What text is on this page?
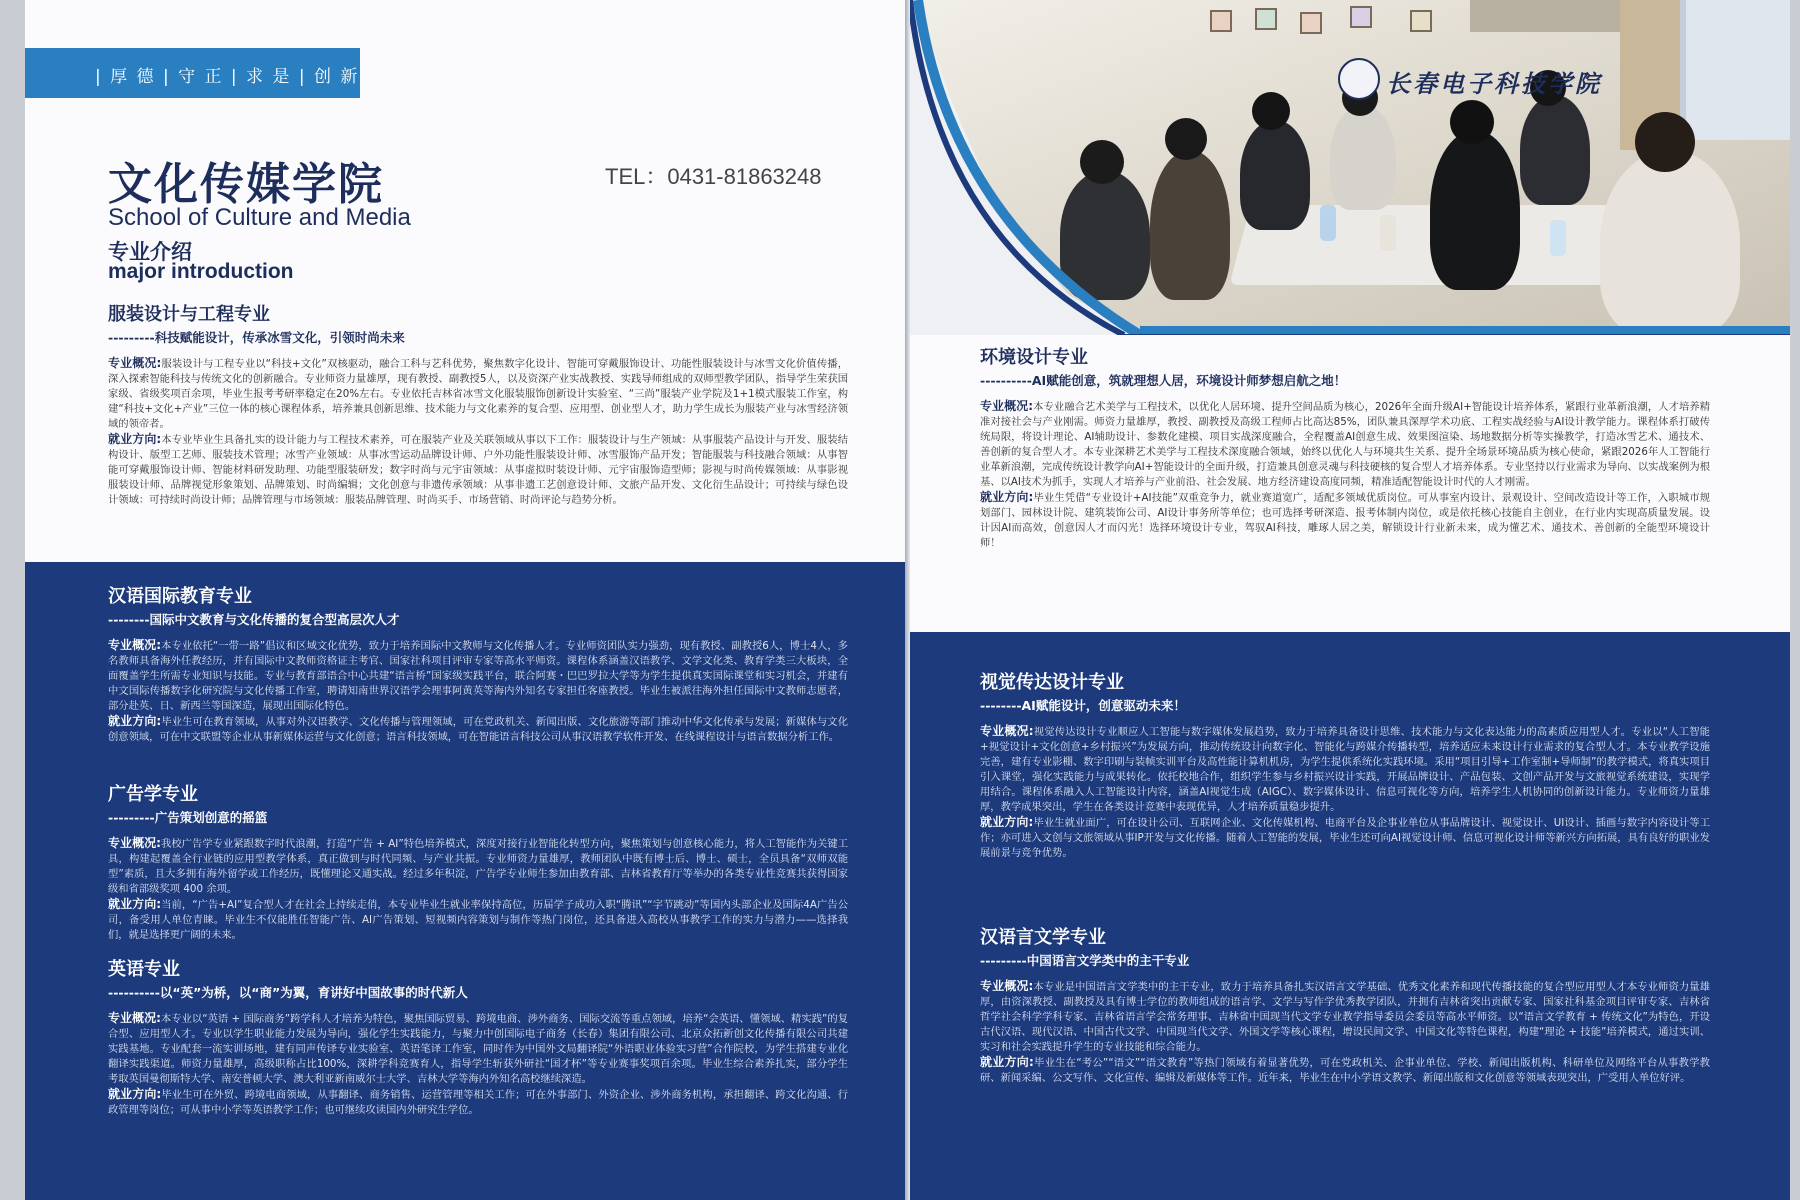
| 厚 德 | 守 正 | 求 是 | 创 新
文化传媒学院	TEL：0431-81863248
School of Culture and Media
专业介绍
major introduction
服装设计与工程专业
---------科技赋能设计，传承冰雪文化，引领时尚未来

专业概况:服装设计与工程专业以“科技+文化”双核驱动，融合工科与艺科优势，聚焦数字化设计、智能可穿戴服饰设计、功能性服装设计与冰雪文化价值传播，深入探索智能科技与传统文化的创新融合。专业师资力量雄厚，现有教授、副教授5人，以及资深产业实战教授、实践导师组成的双师型教学团队，指导学生荣获国家级、省级奖项百余项，毕业生报考考研率稳定在20%左右。专业依托吉林省冰雪文化服装服饰创新设计实验室、“三尚”服装产业学院及1+1模式服装工作室，构建“科技+文化+产业”三位一体的核心课程体系，培养兼具创新思维、技术能力与文化素养的复合型、应用型、创业型人才，助力学生成长为服装产业与冰雪经济领域的领帝者。

就业方向:本专业毕业生具备扎实的设计能力与工程技术素养，可在服装产业及关联领域从事以下工作：服装设计与生产领域：从事服装产品设计与开发、服装结构设计、版型工艺师、服装技术管理；冰雪产业领域：从事冰雪运动品牌设计师、户外功能性服装设计师、冰雪服饰产品开发；智能服装与科技融合领域：从事智能可穿戴服饰设计师、智能材料研发助理、功能型服装研发；数字时尚与元宇宙领域：从事虚拟时装设计师、元宇宙服饰造型师；影视与时尚传媒领域：从事影视服装设计师、品牌视觉形象策划、品牌策划、时尚编辑；文化创意与非遗传承领域：从事非遗工艺创意设计师、文旅产品开发、文化衍生品设计；可持续与绿色设计领域：可持续时尚设计师；品牌管理与市场领域：服装品牌管理、时尚买手、市场营销、时尚评论与趋势分析。

汉语国际教育专业
--------国际中文教育与文化传播的复合型高层次人才

专业概况:本专业依托“一带一路”倡议和区域文化优势，致力于培养国际中文教师与文化传播人才。专业师资团队实力强劲，现有教授、副教授6人，博士4人，多名教师具备海外任教经历，并有国际中文教师资格证主考官、国家社科项目评审专家等高水平师资。课程体系涵盖汉语教学、文学文化类、教育学类三大板块，全面覆盖学生所需专业知识与技能。专业与教育部语合中心共建“语言桥”国家级实践平台，联合阿赛・巴巴罗拉大学等为学生提供真实国际课堂和实习机会，并建有中文国际传播数字化研究院与文化传播工作室，聘请知南世界汉语学会理事阿黄英等海内外知名专家担任客座教授。毕业生被派往海外担任国际中文教师志愿者，部分赴英、日、新西兰等国深造，展现出国际化特色。

就业方向:毕业生可在教育领域，从事对外汉语教学、文化传播与管理领域，可在党政机关、新闻出版、文化旅游等部门推动中华文化传承与发展；新媒体与文化创意领域，可在中文联盟等企业从事新媒体运营与文化创意；语言科技领域，可在智能语言科技公司从事汉语教学软件开发、在线课程设计与语言数据分析工作。

广告学专业
---------广告策划创意的摇篮

专业概况:我校广告学专业紧跟数字时代浪潮，打造“广告 + AI”特色培养模式，深度对接行业智能化转型方向，聚焦策划与创意核心能力，将人工智能作为关键工具，构建起覆盖全行业链的应用型教学体系，真正做到与时代同频、与产业共振。专业师资力量雄厚，教师团队中既有博士后、博士、硕士，全员具备“双师双能型”素质，且大多拥有海外留学或工作经历，既懂理论又通实战。经过多年积淀，广告学专业师生参加由教育部、吉林省教育厅等举办的各类专业性竞赛共获得国家级和省部级奖项 400 余项。

就业方向:当前，“广告+AI”复合型人才在社会上持续走俏，本专业毕业生就业率保持高位，历届学子成功入职“腾讯”“字节跳动”等国内头部企业及国际4A广告公司，备受用人单位青睐。毕业生不仅能胜任智能广告、AI广告策划、短视频内容策划与制作等热门岗位，还具备进入高校从事教学工作的实力与潜力——选择我们，就是选择更广阔的未来。

英语专业
----------以“英”为桥，以“商”为翼，育讲好中国故事的时代新人

专业概况:本专业以“英语 + 国际商务”跨学科人才培养为特色，聚焦国际贸易、跨境电商、涉外商务、国际交流等重点领域，培养“会英语、懂领域、精实践”的复合型、应用型人才。专业以学生职业能力发展为导向，强化学生实践能力，与聚力中创国际电子商务（长春）集团有限公司、北京众拓新创文化传播有限公司共建实践基地。专业配套一流实训场地，建有同声传译专业实验室、英语笔译工作室，同时作为中国外文局翻译院“外语职业体验实习营”合作院校，为学生搭建专业化翻译实践渠道。师资力量雄厚，高级职称占比100%，深耕学科竞赛育人，指导学生斩获外研社“国才杯”等专业赛事奖项百余项。毕业生综合素养扎实，部分学生考取英国曼彻斯特大学、南安普顿大学、澳大利亚新南威尔士大学、吉林大学等海内外知名高校继续深造。

就业方向:毕业生可在外贸、跨境电商领域，从事翻译、商务销售、运营管理等相关工作；可在外事部门、外资企业、涉外商务机构，承担翻译、跨文化沟通、行政管理等岗位；可从事中小学等英语教学工作；也可继续攻读国内外研究生学位。

长春电子科技学院
环境设计专业
----------AI赋能创意，筑就理想人居，环境设计师梦想启航之地！

专业概况:本专业融合艺术美学与工程技术，以优化人居环境、提升空间品质为核心，2026年全面升级AI+智能设计培养体系，紧跟行业革新浪潮，人才培养精准对接社会与产业刚需。师资力量雄厚，教授、副教授及高级工程师占比高达85%，团队兼具深厚学术功底、工程实战经验与AI设计教学能力。课程体系打破传统局限，将设计理论、AI辅助设计、参数化建模、项目实战深度融合，全程覆盖AI创意生成、效果图渲染、场地数据分析等实操教学，打造冰雪艺术、通技术、善创新的复合型人才。本专业深耕艺术美学与工程技术深度融合领域，始终以优化人与环境共生关系、提升全场景环境品质为核心使命，紧跟2026年人工智能行业革新浪潮，完成传统设计教学向AI+智能设计的全面升级，打造兼具创意灵魂与科技硬核的复合型人才培养体系。专业坚持以行业需求为导向、以实战案例为根基、以AI技术为抓手，实现人才培养与产业前沿、社会发展、地方经济建设高度同频，精准适配智能设计时代的人才刚需。

就业方向:毕业生凭借“专业设计+AI技能”双重竞争力，就业赛道宽广，适配多领域优质岗位。可从事室内设计、景观设计、空间改造设计等工作，入职城市规划部门、园林设计院、建筑装饰公司、AI设计事务所等单位；也可选择考研深造、报考体制内岗位，或是依托核心技能自主创业，在行业内实现高质量发展。设计因AI而高效，创意因人才而闪光！选择环境设计专业，驾驭AI科技，雕琢人居之美，解锁设计行业新未来，成为懂艺术、通技术、善创新的全能型环境设计师！

视觉传达设计专业
--------AI赋能设计，创意驱动未来！

专业概况:视觉传达设计专业顺应人工智能与数字媒体发展趋势，致力于培养具备设计思维、技术能力与文化表达能力的高素质应用型人才。专业以“人工智能+视觉设计+文化创意+乡村振兴”为发展方向，推动传统设计向数字化、智能化与跨媒介传播转型，培养适应未来设计行业需求的复合型人才。本专业教学设施完善，建有专业影棚、数字印刷与装帧实训平台及高性能计算机机房，为学生提供系统化实践环境。采用“项目引导+工作室制+导师制”的教学模式，将真实项目引入课堂，强化实践能力与成果转化。依托校地合作，组织学生参与乡村振兴设计实践，开展品牌设计、产品包装、文创产品开发与文旅视觉系统建设，实现学用结合。课程体系融入人工智能设计内容，涵盖AI视觉生成（AIGC）、数字媒体设计、信息可视化等方向，培养学生人机协同的创新设计能力。专业师资力量雄厚，教学成果突出，学生在各类设计竞赛中表现优异，人才培养质量稳步提升。

就业方向:毕业生就业面广，可在设计公司、互联网企业、文化传媒机构、电商平台及企事业单位从事品牌设计、视觉设计、UI设计、插画与数字内容设计等工作；亦可进入文创与文旅领域从事IP开发与文化传播。随着人工智能的发展，毕业生还可向AI视觉设计师、信息可视化设计师等新兴方向拓展，具有良好的职业发展前景与竞争优势。

汉语言文学专业
---------中国语言文学类中的主干专业

专业概况:本专业是中国语言文学类中的主干专业，致力于培养具备扎实汉语言文学基础、优秀文化素养和现代传播技能的复合型应用型人才本专业师资力量雄厚，由资深教授、副教授及具有博士学位的教师组成的语言学、文学与写作学优秀教学团队，并拥有吉林省突出贡献专家、国家社科基金项目评审专家、吉林省哲学社会科学学科专家、吉林省语言学会常务理事、吉林省中国现当代文学专业教学指导委员会委员等高水平师资。以“语言文学教育 + 传统文化”为特色，开设古代汉语、现代汉语、中国古代文学、中国现当代文学、外国文学等核心课程，增设民间文学、中国文化等特色课程，构建“理论 + 技能”培养模式，通过实训、实习和社会实践提升学生的专业技能和综合能力。

就业方向:毕业生在“考公”“语文”“语文教育”等热门领域有着显著优势，可在党政机关、企事业单位、学校、新闻出版机构、科研单位及网络平台从事教学教研、新闻采编、公文写作、文化宣传、编辑及新媒体等工作。近年来，毕业生在中小学语文教学、新闻出版和文化创意等领域表现突出，广受用人单位好评。
